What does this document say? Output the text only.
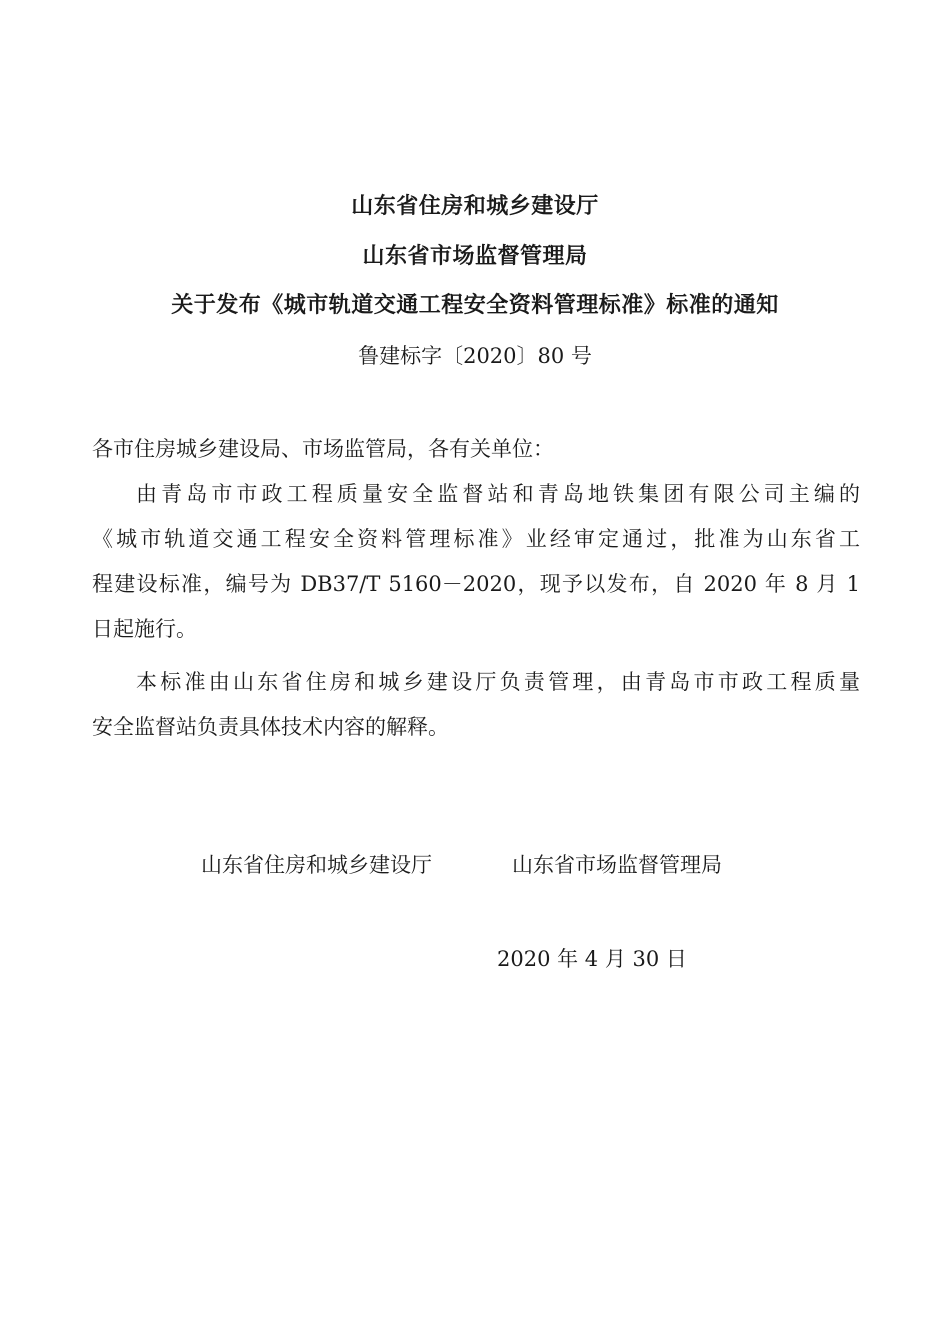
山东省住房和城乡建设厅
山东省市场监督管理局
关于发布《城市轨道交通工程安全资料管理标准》标准的通知

鲁建标字〔2020〕80 号

各市住房城乡建设局、市场监管局，各有关单位：

由青岛市市政工程质量安全监督站和青岛地铁集团有限公司主编的
《城市轨道交通工程安全资料管理标准》业经审定通过，批准为山东省工
程建设标准，编号为 DB37/T 5160－2020，现予以发布，自 2020 年 8 月 1
日起施行。
本标准由山东省住房和城乡建设厅负责管理，由青岛市市政工程质量
安全监督站负责具体技术内容的解释。

山东省住房和城乡建设厅	山东省市场监督管理局

2020 年 4 月 30 日
